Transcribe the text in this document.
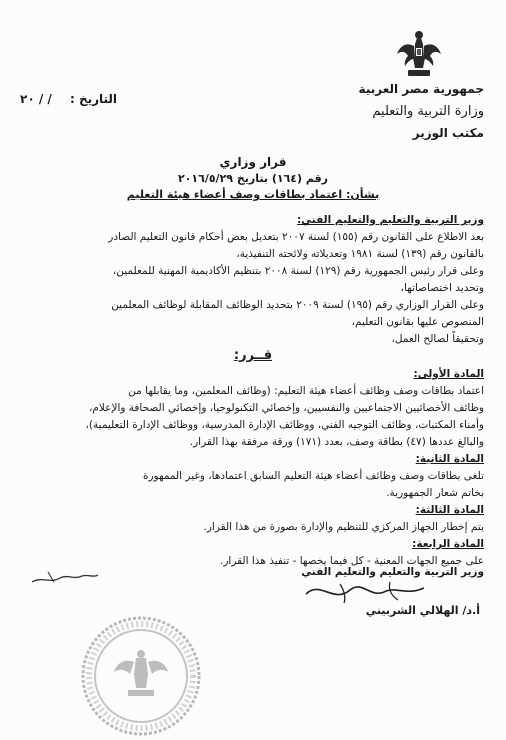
جمهورية مصر العربية
وزارة التربية والتعليم
مكتب الوزير
التاريخ : / / ٢٠
قرار وزاري
رقم (١٦٤) بتاريخ ٢٠١٦/٥/٢٩
بشأن: اعتماد بطاقات وصف أعضاء هيئة التعليم
وزير التربية والتعليم والتعليم الفني:
بعد الاطلاع على القانون رقم (١٥٥) لسنة ٢٠٠٧ بتعديل بعض أحكام قانون التعليم الصادر
بالقانون رقم (١٣٩) لسنة ١٩٨١ وتعديلاته ولائحته التنفيذية،
وعلى قرار رئيس الجمهورية رقم (١٢٩) لسنة ٢٠٠٨ بتنظيم الأكاديمية المهنية للمعلمين،
وتحديد اختصاصاتها،
وعلى القرار الوزاري رقم (١٩٥) لسنة ٢٠٠٩ بتحديد الوظائف المقابلة لوظائف المعلمين
المنصوص عليها بقانون التعليم،
وتحقيقاً لصالح العمل،
قــرر:
المادة الأولى:
اعتماد بطاقات وصف وظائف أعضاء هيئة التعليم: (وظائف المعلمين، وما يقابلها من
وظائف الأخصائيين الاجتماعيين والنفسيين، وإخصائي التكنولوجيا، وإخصائي الصحافة والإعلام،
وأمناء المكتبات، وظائف التوجيه الفني، ووظائف الإدارة المدرسية، ووظائف الإدارة التعليمية)،
والبالغ عددها (٤٧) بطاقة وصف، بعدد (١٧١) ورقة مرفقة بهذا القرار.
المادة الثانية:
تلغى بطاقات وصف وظائف أعضاء هيئة التعليم السابق اعتمادها، وغير الممهورة
بخاتم شعار الجمهورية.
المادة الثالثة:
يتم إخطار الجهاز المركزي للتنظيم والإدارة بصورة من هذا القرار.
المادة الرابعة:
على جميع الجهات المعنية - كل فيما يخصها - تنفيذ هذا القرار.
وزير التربية والتعليم والتعليم الفني
أ.د/ الهلالي الشربيني
